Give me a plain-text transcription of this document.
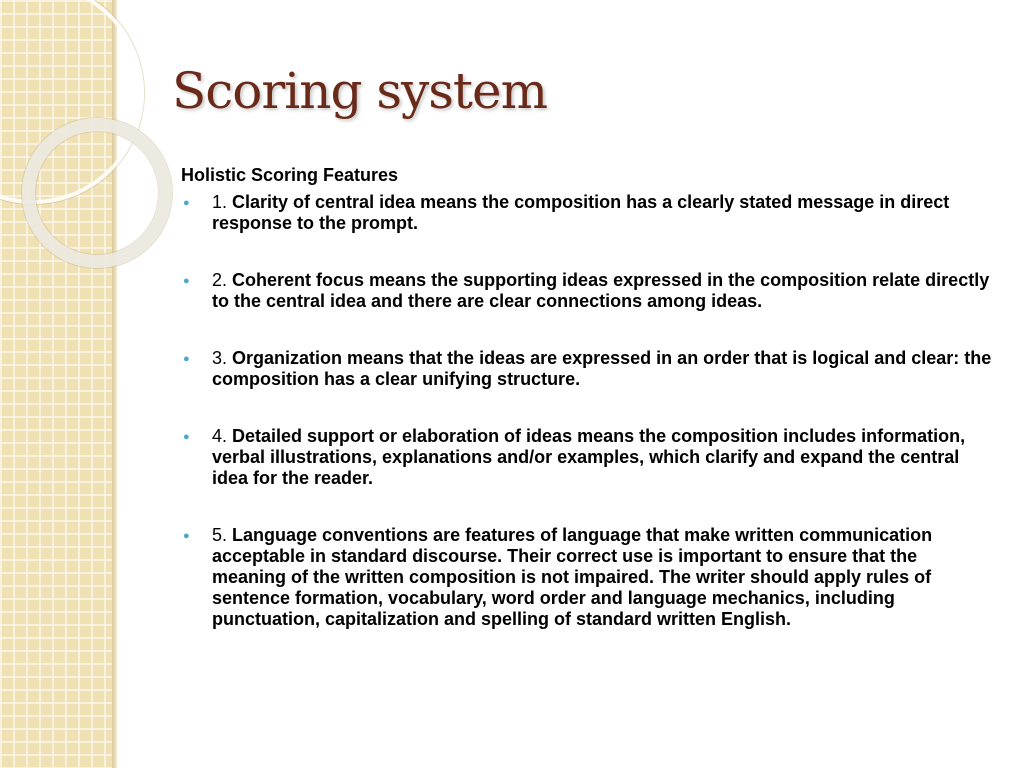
Scoring system
Holistic Scoring Features
● 1. Clarity of central idea means the composition has a clearly stated message in direct response to the prompt.
● 2. Coherent focus means the supporting ideas expressed in the composition relate directly to the central idea and there are clear connections among ideas.
● 3. Organization means that the ideas are expressed in an order that is logical and clear: the composition has a clear unifying structure.
● 4. Detailed support or elaboration of ideas means the composition includes information, verbal illustrations, explanations and/or examples, which clarify and expand the central idea for the reader.
● 5. Language conventions are features of language that make written communication acceptable in standard discourse. Their correct use is important to ensure that the meaning of the written composition is not impaired. The writer should apply rules of sentence formation, vocabulary, word order and language mechanics, including punctuation, capitalization and spelling of standard written English.
